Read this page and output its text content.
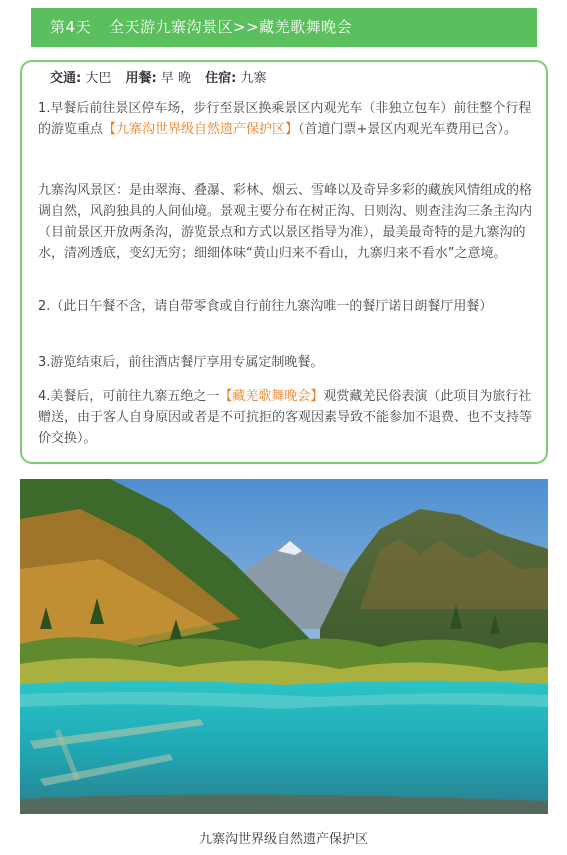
第4天 全天游九寨沟景区>>藏羌歌舞晚会
交通: 大巴 用餐: 早 晚 住宿: 九寨

1.早餐后前往景区停车场，步行至景区换乘景区内观光车（非独立包车）前往整个行程的游览重点【九寨沟世界级自然遗产保护区】（首道门票+景区内观光车费用已含）。

九寨沟风景区：是由翠海、叠瀑、彩林、烟云、雪峰以及奇异多彩的藏族风情组成的格调自然，风韵独具的人间仙境。景观主要分布在树正沟、日则沟、则查洼沟三条主沟内（目前景区开放两条沟，游览景点和方式以景区指导为准），最美最奇特的是九寨沟的水，清冽透底，变幻无穷；细细体味“黄山归来不看山，九寨归来不看水”之意境。

2.（此日午餐不含，请自带零食或自行前往九寨沟唯一的餐厅诺日朗餐厅用餐）

3.游览结束后，前往酒店餐厅享用专属定制晚餐。

4.美餐后，可前往九寨五绝之一【藏羌歌舞晚会】观赏藏羌民俗表演（此项目为旅行社赠送，由于客人自身原因或者是不可抗拒的客观因素导致不能参加不退费、也不支持等价交换）。

九寨沟世界级自然遗产保护区
